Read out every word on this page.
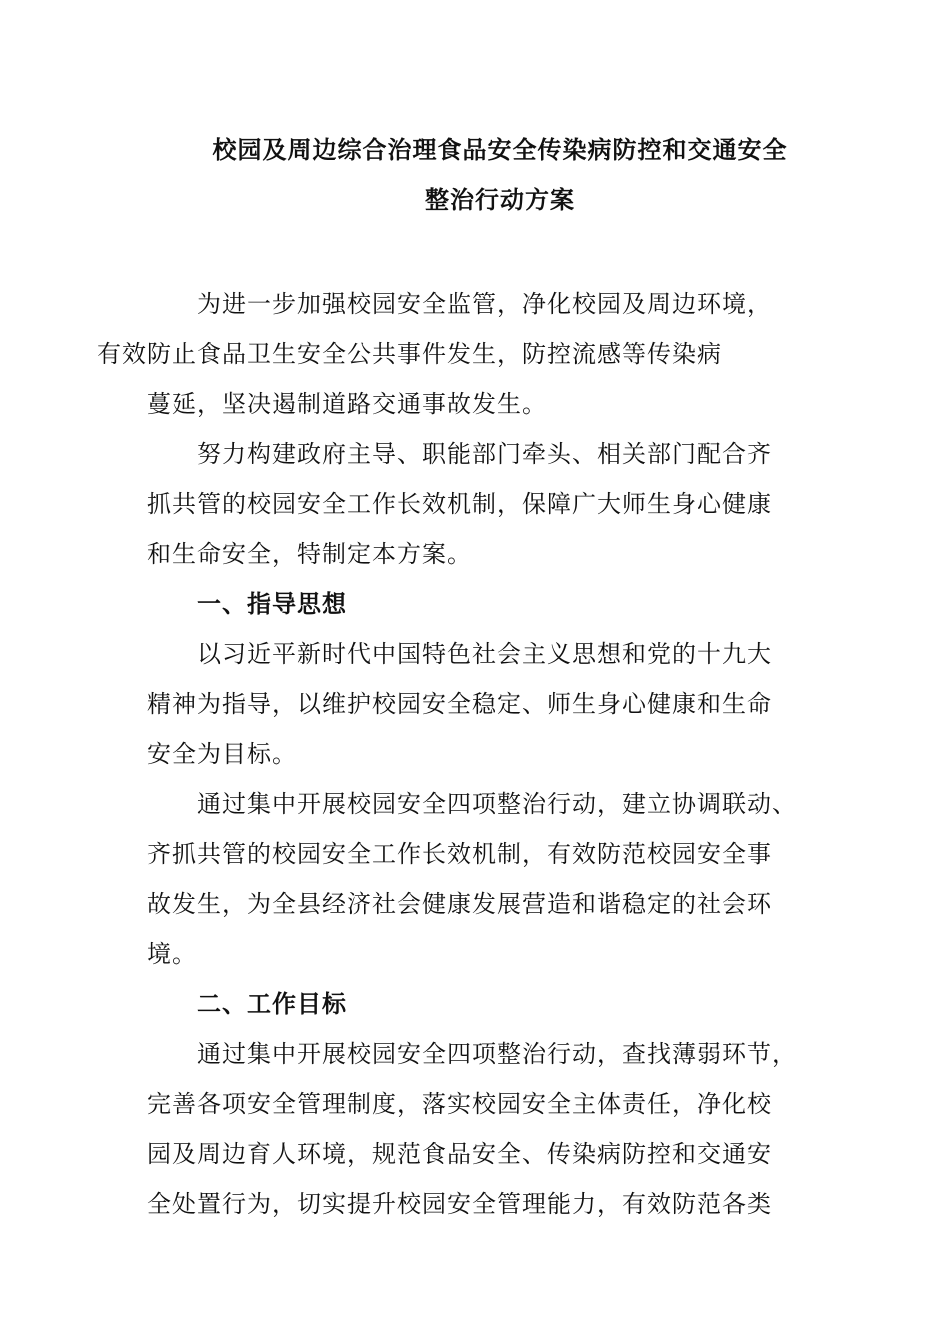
校园及周边综合治理食品安全传染病防控和交通安全
整治行动方案

为进一步加强校园安全监管，净化校园及周边环境，
有效防止食品卫生安全公共事件发生，防控流感等传染病
蔓延，坚决遏制道路交通事故发生。

努力构建政府主导、职能部门牵头、相关部门配合齐
抓共管的校园安全工作长效机制，保障广大师生身心健康
和生命安全，特制定本方案。

一、指导思想

以习近平新时代中国特色社会主义思想和党的十九大
精神为指导，以维护校园安全稳定、师生身心健康和生命
安全为目标。

通过集中开展校园安全四项整治行动，建立协调联动、
齐抓共管的校园安全工作长效机制，有效防范校园安全事
故发生，为全县经济社会健康发展营造和谐稳定的社会环
境。

二、工作目标

通过集中开展校园安全四项整治行动，查找薄弱环节，
完善各项安全管理制度，落实校园安全主体责任，净化校
园及周边育人环境，规范食品安全、传染病防控和交通安
全处置行为，切实提升校园安全管理能力，有效防范各类
